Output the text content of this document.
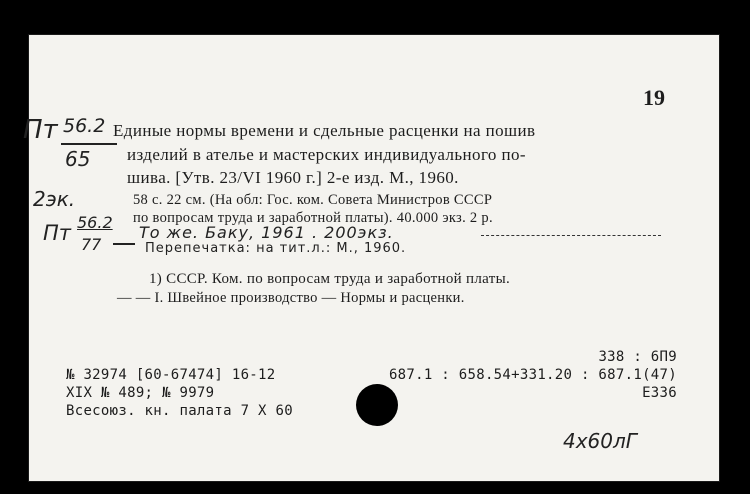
19
Пт 56.2
65
Единые нормы времени и сдельные расценки на пошив
изделий в ателье и мастерских индивидуального по-
шива. [Утв. 23/VI 1960 г.] 2-е изд. М., 1960.
2эк.	58 с. 22 см. (На обл: Гос. ком. Совета Министров СССР
по вопросам труда и заработной платы). 40.000 экз. 2 р.
Пт 56.2
77
То же. Баку, 1961 . 200экз.
Перепечатка: на тит.л.: М., 1960.
1) СССР. Ком. по вопросам труда и заработной платы.
— — I. Швейное производство — Нормы и расценки.
№ 32974 [60-67474] 16-12
XIX № 489; № 9979
Всесоюз. кн. палата 7 X 60
338 : 6П9
687.1 : 658.54+331.20 : 687.1(47)
Е336
4х60лГ
